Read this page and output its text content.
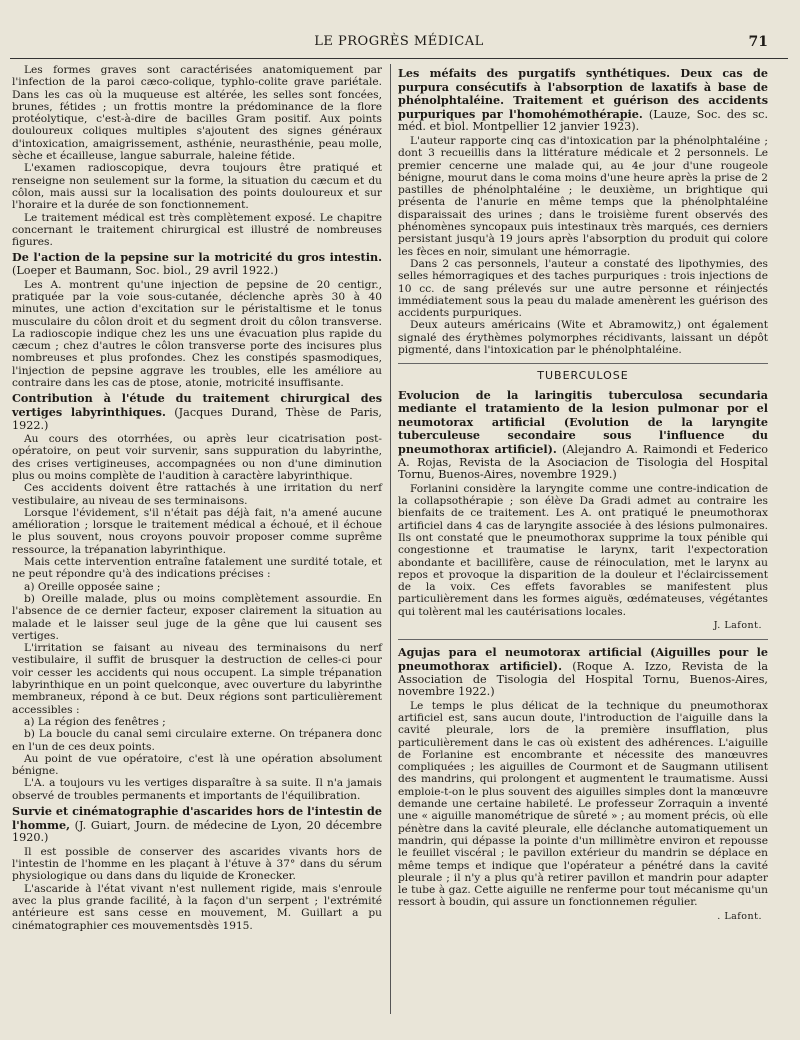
LE PROGRÈS MÉDICAL	71

Les formes graves sont caractérisées anatomiquement par l'infection de la paroi cæco-colique, typhlo-colite grave pariétale. Dans les cas où la muqueuse est altérée, les selles sont foncées, brunes, fétides ; un frottis montre la prédominance de la flore protéolytique, c'est-à-dire de bacilles Gram positif. Aux points douloureux coliques multiples s'ajoutent des signes généraux d'intoxication, amaigrissement, asthénie, neurasthénie, peau molle, sèche et écailleuse, langue saburrale, haleine fétide.

L'examen radioscopique, devra toujours être pratiqué et renseigne non seulement sur la forme, la situation du cæcum et du côlon, mais aussi sur la localisation des points douloureux et sur l'horaire et la durée de son fonctionnement.

Le traitement médical est très complètement exposé. Le chapitre concernant le traitement chirurgical est illustré de nombreuses figures.

De l'action de la pepsine sur la motricité du gros intestin. (Loeper et Baumann, Soc. biol., 29 avril 1922.)

Les A. montrent qu'une injection de pepsine de 20 centigr., pratiquée par la voie sous-cutanée, déclenche après 30 à 40 minutes, une action d'excitation sur le péristaltisme et le tonus musculaire du côlon droit et du segment droit du côlon transverse. La radioscopie indique chez les uns une évacuation plus rapide du cæcum ; chez d'autres le côlon transverse porte des incisures plus nombreuses et plus profondes. Chez les constipés spasmodiques, l'injection de pepsine aggrave les troubles, elle les améliore au contraire dans les cas de ptose, atonie, motricité insuffisante.

Contribution à l'étude du traitement chirurgical des vertiges labyrinthiques. (Jacques Durand, Thèse de Paris, 1922.)

Au cours des otorrhées, ou après leur cicatrisation post-opératoire, on peut voir survenir, sans suppuration du labyrinthe, des crises vertigineuses, accompagnées ou non d'une diminution plus ou moins complète de l'audition à caractère labyrinthique.

Ces accidents doivent être rattachés à une irritation du nerf vestibulaire, au niveau de ses terminaisons.

Lorsque l'évidement, s'il n'était pas déjà fait, n'a amené aucune amélioration ; lorsque le traitement médical a échoué, et il échoue le plus souvent, nous croyons pouvoir proposer comme suprême ressource, la trépanation labyrinthique.

Mais cette intervention entraîne fatalement une surdité totale, et ne peut répondre qu'à des indications précises :

a) Oreille opposée saine ;

b) Oreille malade, plus ou moins complètement assourdie. En l'absence de ce dernier facteur, exposer clairement la situation au malade et le laisser seul juge de la gêne que lui causent ses vertiges.

L'irritation se faisant au niveau des terminaisons du nerf vestibulaire, il suffit de brusquer la destruction de celles-ci pour voir cesser les accidents qui nous occupent. La simple trépanation labyrinthique en un point quelconque, avec ouverture du labyrinthe membraneux, répond à ce but. Deux régions sont particulièrement accessibles :

a) La région des fenêtres ;

b) La boucle du canal semi circulaire externe. On trépanera donc en l'un de ces deux points.

Au point de vue opératoire, c'est là une opération absolument bénigne.

L'A. a toujours vu les vertiges disparaître à sa suite. Il n'a jamais observé de troubles permanents et importants de l'équilibration.

Survie et cinématographie d'ascarides hors de l'intestin de l'homme, (J. Guiart, Journ. de médecine de Lyon, 20 décembre 1920.)

Il est possible de conserver des ascarides vivants hors de l'intestin de l'homme en les plaçant à l'étuve à 37° dans du sérum physiologique ou dans dans du liquide de Kronecker.

L'ascaride à l'état vivant n'est nullement rigide, mais s'enroule avec la plus grande facilité, à la façon d'un serpent ; l'extrémité antérieure est sans cesse en mouvement, M. Guillart a pu cinématographier ces mouvementsdès 1915.

Les méfaits des purgatifs synthétiques. Deux cas de purpura consécutifs à l'absorption de laxatifs à base de phénolphtaléine. Traitement et guérison des accidents purpuriques par l'homohémothérapie. (Lauze, Soc. des sc. méd. et biol. Montpellier 12 janvier 1923).

L'auteur rapporte cinq cas d'intoxication par la phénolphtaléine ; dont 3 recueillis dans la littérature médicale et 2 personnels. Le premier cencerne une malade qui, au 4e jour d'une rougeole bénigne, mourut dans le coma moins d'une heure après la prise de 2 pastilles de phénolphtaléine ; le deuxième, un brightique qui présenta de l'anurie en même temps que la phénolphtaléine disparaissait des urines ; dans le troisième furent observés des phénomènes syncopaux puis intestinaux très marqués, ces derniers persistant jusqu'à 19 jours après l'absorption du produit qui colore les fèces en noir, simulant une hémorragie.

Dans 2 cas personnels, l'auteur a constaté des lipothymies, des selles hémorragiques et des taches purpuriques : trois injections de 10 cc. de sang prélevés sur une autre personne et réinjectés immédiatement sous la peau du malade amenèrent les guérison des accidents purpuriques.

Deux auteurs américains (Wite et Abramowitz,) ont également signalé des érythèmes polymorphes récidivants, laissant un dépôt pigmenté, dans l'intoxication par le phénolphtaléine.

TUBERCULOSE
Evolucion de la laringitis tuberculosa secundaria mediante el tratamiento de la lesion pulmonar por el neumotorax artificial (Evolution de la laryngite tuberculeuse secondaire sous l'influence du pneumothorax artificiel). (Alejandro A. Raimondi et Federico A. Rojas, Revista de la Asociacion de Tisologia del Hospital Tornu, Buenos-Aires, novembre 1929.)

Forlanini considère la laryngite comme une contre-indication de la collapsothérapie ; son élève Da Gradi admet au contraire les bienfaits de ce traitement. Les A. ont pratiqué le pneumothorax artificiel dans 4 cas de laryngite associée à des lésions pulmonaires. Ils ont constaté que le pneumothorax supprime la toux pénible qui congestionne et traumatise le larynx, tarit l'expectoration abondante et bacillifère, cause de réinoculation, met le larynx au repos et provoque la disparition de la douleur et l'éclaircissement de la voix. Ces effets favorables se manifestent plus particulièrement dans les formes aiguës, œdémateuses, végétantes qui tolèrent mal les cautérisations locales.

J. Lafont.
Agujas para el neumotorax artificial (Aiguilles pour le pneumothorax artificiel). (Roque A. Izzo, Revista de la Association de Tisologia del Hospital Tornu, Buenos-Aires, novembre 1922.)

Le temps le plus délicat de la technique du pneumothorax artificiel est, sans aucun doute, l'introduction de l'aiguille dans la cavité pleurale, lors de la première insufflation, plus particulièrement dans le cas où existent des adhérences. L'aiguille de Forlanine est encombrante et nécessite des manœuvres compliquées ; les aiguilles de Courmont et de Saugmann utilisent des mandrins, qui prolongent et augmentent le traumatisme. Aussi emploie-t-on le plus souvent des aiguilles simples dont la manœuvre demande une certaine habileté. Le professeur Zorraquin a inventé une « aiguille manométrique de sûreté » ; au moment précis, où elle pénètre dans la cavité pleurale, elle déclanche automatiquement un mandrin, qui dépasse la pointe d'un millimètre environ et repousse le feuillet viscéral ; le pavillon extérieur du mandrin se déplace en même temps et indique que l'opérateur a pénétré dans la cavité pleurale ; il n'y a plus qu'à retirer pavillon et mandrin pour adapter le tube à gaz. Cette aiguille ne renferme pour tout mécanisme qu'un ressort à boudin, qui assure un fonctionnemen régulier.

. Lafont.
